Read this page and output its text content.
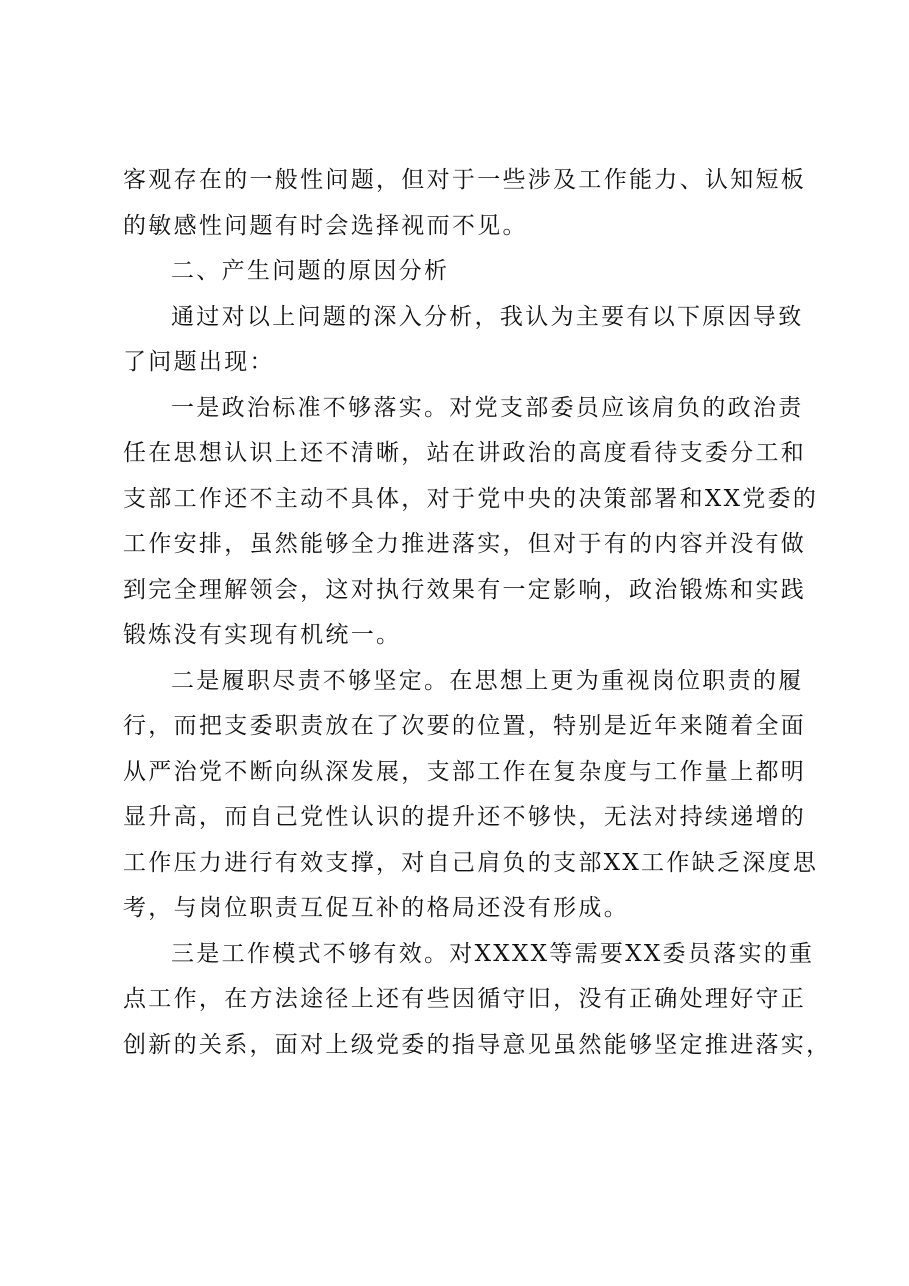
客观存在的一般性问题，但对于一些涉及工作能力、认知短板
的敏感性问题有时会选择视而不见。
二、产生问题的原因分析
通过对以上问题的深入分析，我认为主要有以下原因导致
了问题出现：
一是政治标准不够落实。对党支部委员应该肩负的政治责
任在思想认识上还不清晰，站在讲政治的高度看待支委分工和
支部工作还不主动不具体，对于党中央的决策部署和XX党委的
工作安排，虽然能够全力推进落实，但对于有的内容并没有做
到完全理解领会，这对执行效果有一定影响，政治锻炼和实践
锻炼没有实现有机统一。
二是履职尽责不够坚定。在思想上更为重视岗位职责的履
行，而把支委职责放在了次要的位置，特别是近年来随着全面
从严治党不断向纵深发展，支部工作在复杂度与工作量上都明
显升高，而自己党性认识的提升还不够快，无法对持续递增的
工作压力进行有效支撑，对自己肩负的支部XX工作缺乏深度思
考，与岗位职责互促互补的格局还没有形成。
三是工作模式不够有效。对XXXX等需要XX委员落实的重
点工作，在方法途径上还有些因循守旧，没有正确处理好守正
创新的关系，面对上级党委的指导意见虽然能够坚定推进落实，
